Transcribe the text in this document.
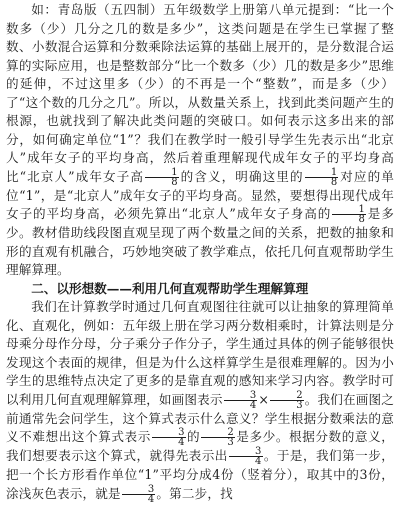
如：青岛版（五四制）五年级数学上册第八单元提到：“比一个数多（少）几分之几的数是多少”，这类问题是在学生已掌握了整数、小数混合运算和分数乘除法运算的基础上展开的，是分数混合运算的实际应用，也是整数部分“比一个数多（少）几的数是多少”思维的延伸，不过这里多（少）的不再是一个“整数”，而是多（少）了“这个数的几分之几”。所以，从数量关系上，找到此类问题产生的根源，也就找到了解决此类问题的突破口。如何表示这多出来的部分，如何确定单位“1”？我们在教学时一般引导学生先表示出“北京人”成年女子的平均身高，然后着重理解现代成年女子的平均身高比“北京人”成年女子高 $\frac{1}{8}$ 的含义，明确这里的 $\frac{1}{8}$ 对应的单位“1”，是“北京人”成年女子的平均身高。显然，要想得出现代成年女子的平均身高，必须先算出“北京人”成年女子身高的 $\frac{1}{8}$ 是多少。教材借助线段图直观呈现了两个数量之间的关系，把数的抽象和形的直观有机融合，巧妙地突破了教学难点，依托几何直观帮助学生理解算理。

二、以形想数——利用几何直观帮助学生理解算理

我们在计算教学时通过几何直观图往往就可以让抽象的算理简单化、直观化，例如：五年级上册在学习两分数相乘时，计算法则是分母乘分母作分母，分子乘分子作分子，学生通过具体的例子能够很快发现这个表面的规律，但是为什么这样算学生是很难理解的。因为小学生的思维特点决定了更多的是靠直观的感知来学习内容。教学时可以利用几何直观理解算理，如画图表示 $\frac{3}{4} \times \frac{2}{3}$ 。我们在画图之前通常先会问学生，这个算式表示什么意义？学生根据分数乘法的意义不难想出这个算式表示 $\frac{3}{4}$ 的 $\frac{2}{3}$ 是多少。根据分数的意义，我们想要表示这个算式，就得先表示出 $\frac{3}{4}$ 。于是，我们第一步，把一个长方形看作单位“1”平均分成4份（竖着分），取其中的3份，涂浅灰色表示，就是 $\frac{3}{4}$ 。第二步，找
